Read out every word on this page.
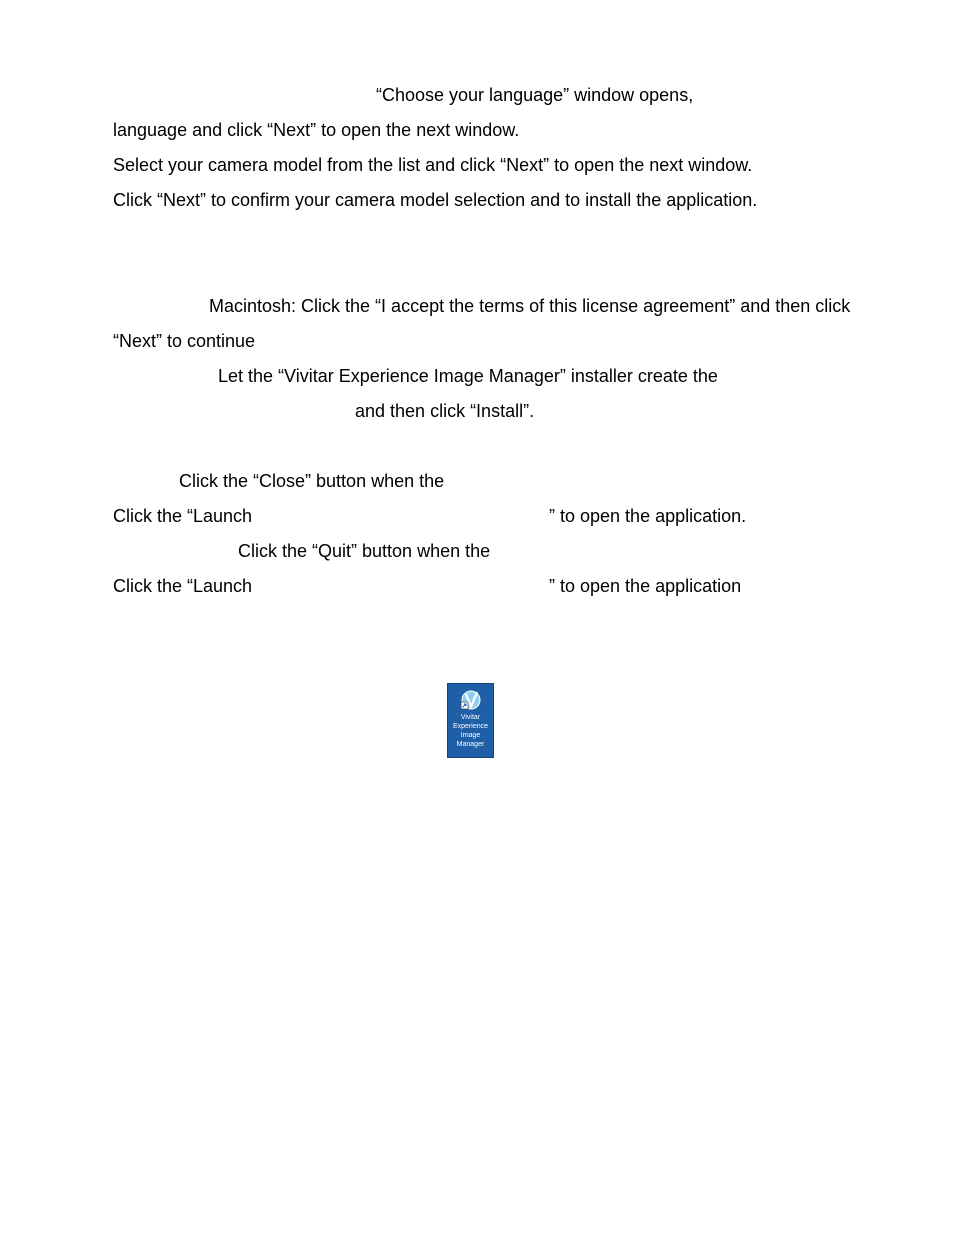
“Choose your language” window opens,
language and click “Next” to open the next window.
Select your camera model from the list and click “Next” to open the next window.
Click “Next” to confirm your camera model selection and to install the application.
Macintosh: Click the “I accept the terms of this license agreement” and then click
“Next” to continue
Let the “Vivitar Experience Image Manager” installer create the
and then click “Install”.
Click the “Close” button when the
Click the “Launch	” to open the application.
Click the “Quit” button when the
Click the “Launch	” to open the application
Vivitar
Experience
Image
Manager
